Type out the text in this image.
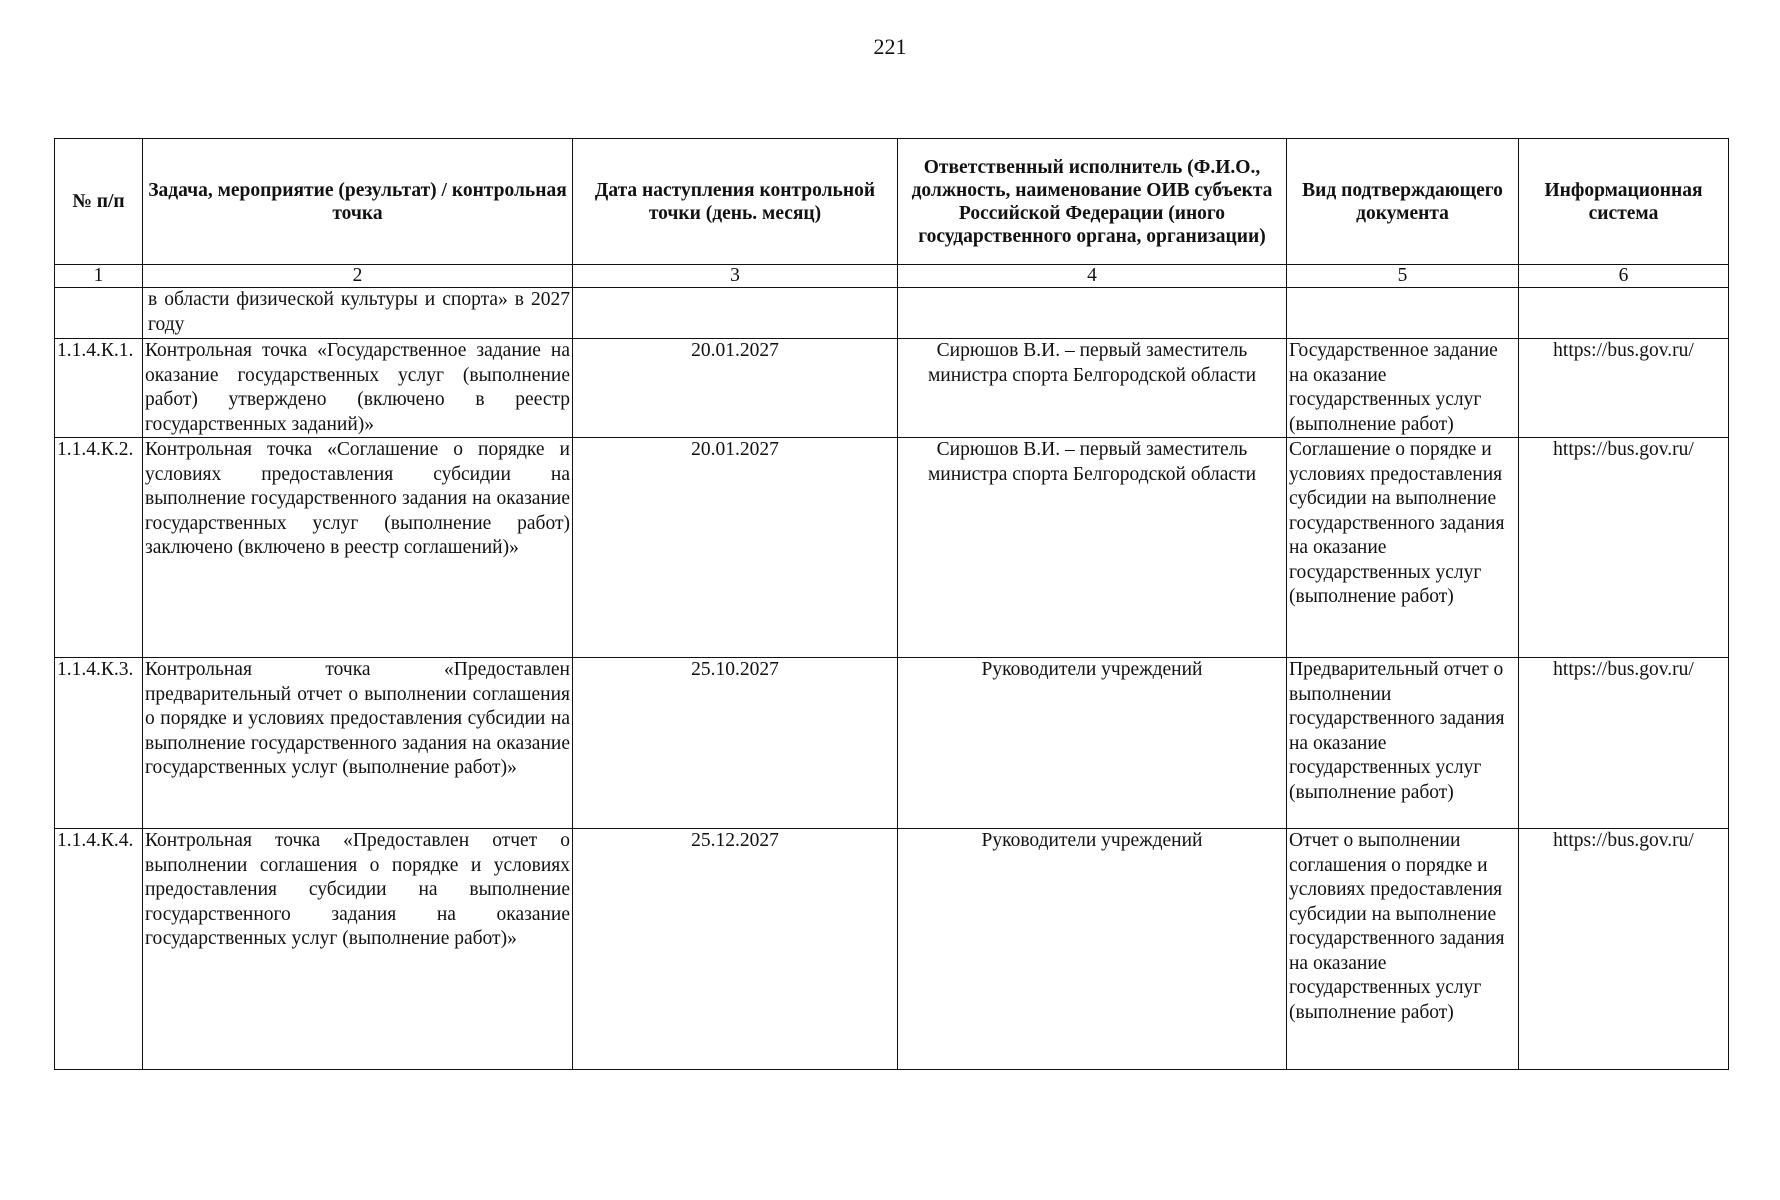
221
№ п/п	Задача, мероприятие (результат) / контрольная точка	Дата наступления контрольной точки (день. месяц)	Ответственный исполнитель (Ф.И.О., должность, наименование ОИВ субъекта Российской Федерации (иного государственного органа, организации)	Вид подтверждающего документа	Информационная система
1	2	3	4	5	6
	в области физической культуры и спорта» в 2027 году				
1.1.4.К.1.	Контрольная точка «Государственное задание на оказание государственных услуг (выполнение работ) утверждено (включено в реестр государственных заданий)»	20.01.2027	Сирюшов В.И. – первый заместитель министра спорта Белгородской области	Государственное задание на оказание государственных услуг (выполнение работ)	https://bus.gov.ru/
1.1.4.К.2.	Контрольная точка «Соглашение о порядке и условиях предоставления субсидии на выполнение государственного задания на оказание государственных услуг (выполнение работ) заключено (включено в реестр соглашений)»	20.01.2027	Сирюшов В.И. – первый заместитель министра спорта Белгородской области	Соглашение о порядке и условиях предоставления субсидии на выполнение государственного задания на оказание государственных услуг (выполнение работ)	https://bus.gov.ru/
1.1.4.К.3.	Контрольная точка «Предоставлен предварительный отчет о выполнении соглашения о порядке и условиях предоставления субсидии на выполнение государственного задания на оказание государственных услуг (выполнение работ)»	25.10.2027	Руководители учреждений	Предварительный отчет о выполнении государственного задания на оказание государственных услуг (выполнение работ)	https://bus.gov.ru/
1.1.4.К.4.	Контрольная точка «Предоставлен отчет о выполнении соглашения о порядке и условиях предоставления субсидии на выполнение государственного задания на оказание государственных услуг (выполнение работ)»	25.12.2027	Руководители учреждений	Отчет о выполнении соглашения о порядке и условиях предоставления субсидии на выполнение государственного задания на оказание государственных услуг (выполнение работ)	https://bus.gov.ru/
